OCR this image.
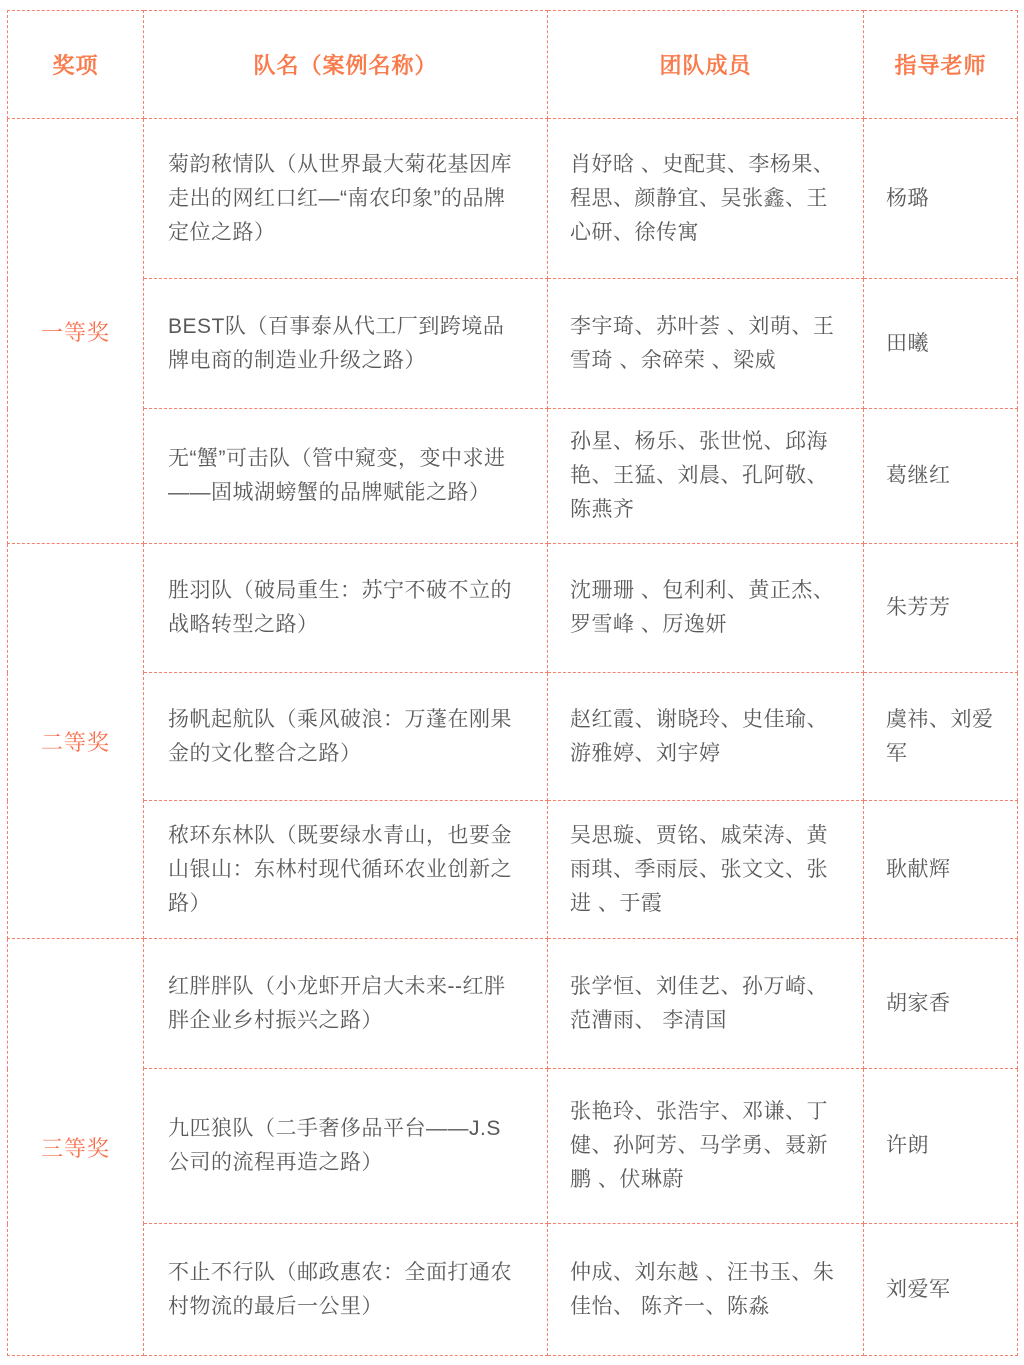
奖项	队名（案例名称）	团队成员	指导老师
一等奖	菊韵秾情队（从世界最大菊花基因库走出的网红口红—“南农印象”的品牌定位之路）	肖妤晗 、史配萁、李杨果、程思、颜静宜、吴张鑫、王心研、徐传寓	杨璐
	BEST队（百事泰从代工厂到跨境品牌电商的制造业升级之路）	李宇琦、苏叶荟 、刘萌、王雪琦 、余碎荣 、梁威	田曦
	无“蟹”可击队（管中窥变，变中求进——固城湖螃蟹的品牌赋能之路）	孙星、杨乐、张世悦、邱海艳、王猛、刘晨、孔阿敬、陈燕齐	葛继红
二等奖	胜羽队（破局重生：苏宁不破不立的战略转型之路）	沈珊珊 、包利利、黄正杰、罗雪峰 、厉逸妍	朱芳芳
	扬帆起航队（乘风破浪：万蓬在刚果金的文化整合之路）	赵红霞、谢晓玲、史佳瑜、游雅婷、刘宇婷	虞祎、刘爱军
	秾环东林队（既要绿水青山，也要金山银山：东林村现代循环农业创新之路）	吴思璇、贾铭、戚荣涛、黄雨琪、季雨辰、张文文、张进 、于霞	耿献辉
三等奖	红胖胖队（小龙虾开启大未来--红胖胖企业乡村振兴之路）	张学恒、刘佳艺、孙万崎、范漕雨、 李清国	胡家香
	九匹狼队（二手奢侈品平台——J.S公司的流程再造之路）	张艳玲、张浩宇、邓谦、丁健、孙阿芳、马学勇、聂新鹏 、伏琳蔚	许朗
	不止不行队（邮政惠农：全面打通农村物流的最后一公里）	仲成、刘东越 、汪书玉、朱佳怡、 陈齐一、陈淼	刘爱军
